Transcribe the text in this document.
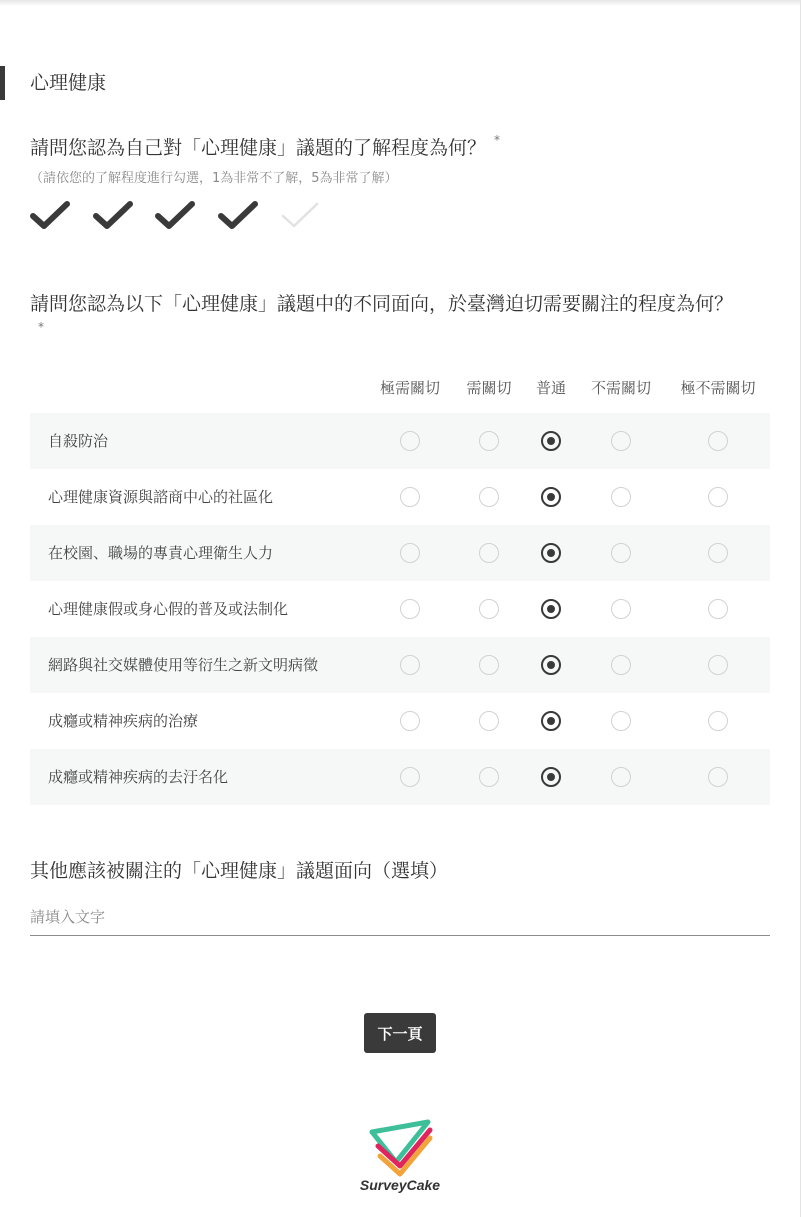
心理健康
請問您認為自己對「心理健康」議題的了解程度為何？ *
（請依您的了解程度進行勾選，1為非常不了解，5為非常了解）
請問您認為以下「心理健康」議題中的不同面向，於臺灣迫切需要關注的程度為何？
*
極需關切 需關切 普通 不需關切 極不需關切
自殺防治
心理健康資源與諮商中心的社區化
在校園、職場的專責心理衛生人力
心理健康假或身心假的普及或法制化
網路與社交媒體使用等衍生之新文明病徵
成癮或精神疾病的治療
成癮或精神疾病的去汙名化
其他應該被關注的「心理健康」議題面向（選填）
請填入文字
下一頁
SurveyCake
